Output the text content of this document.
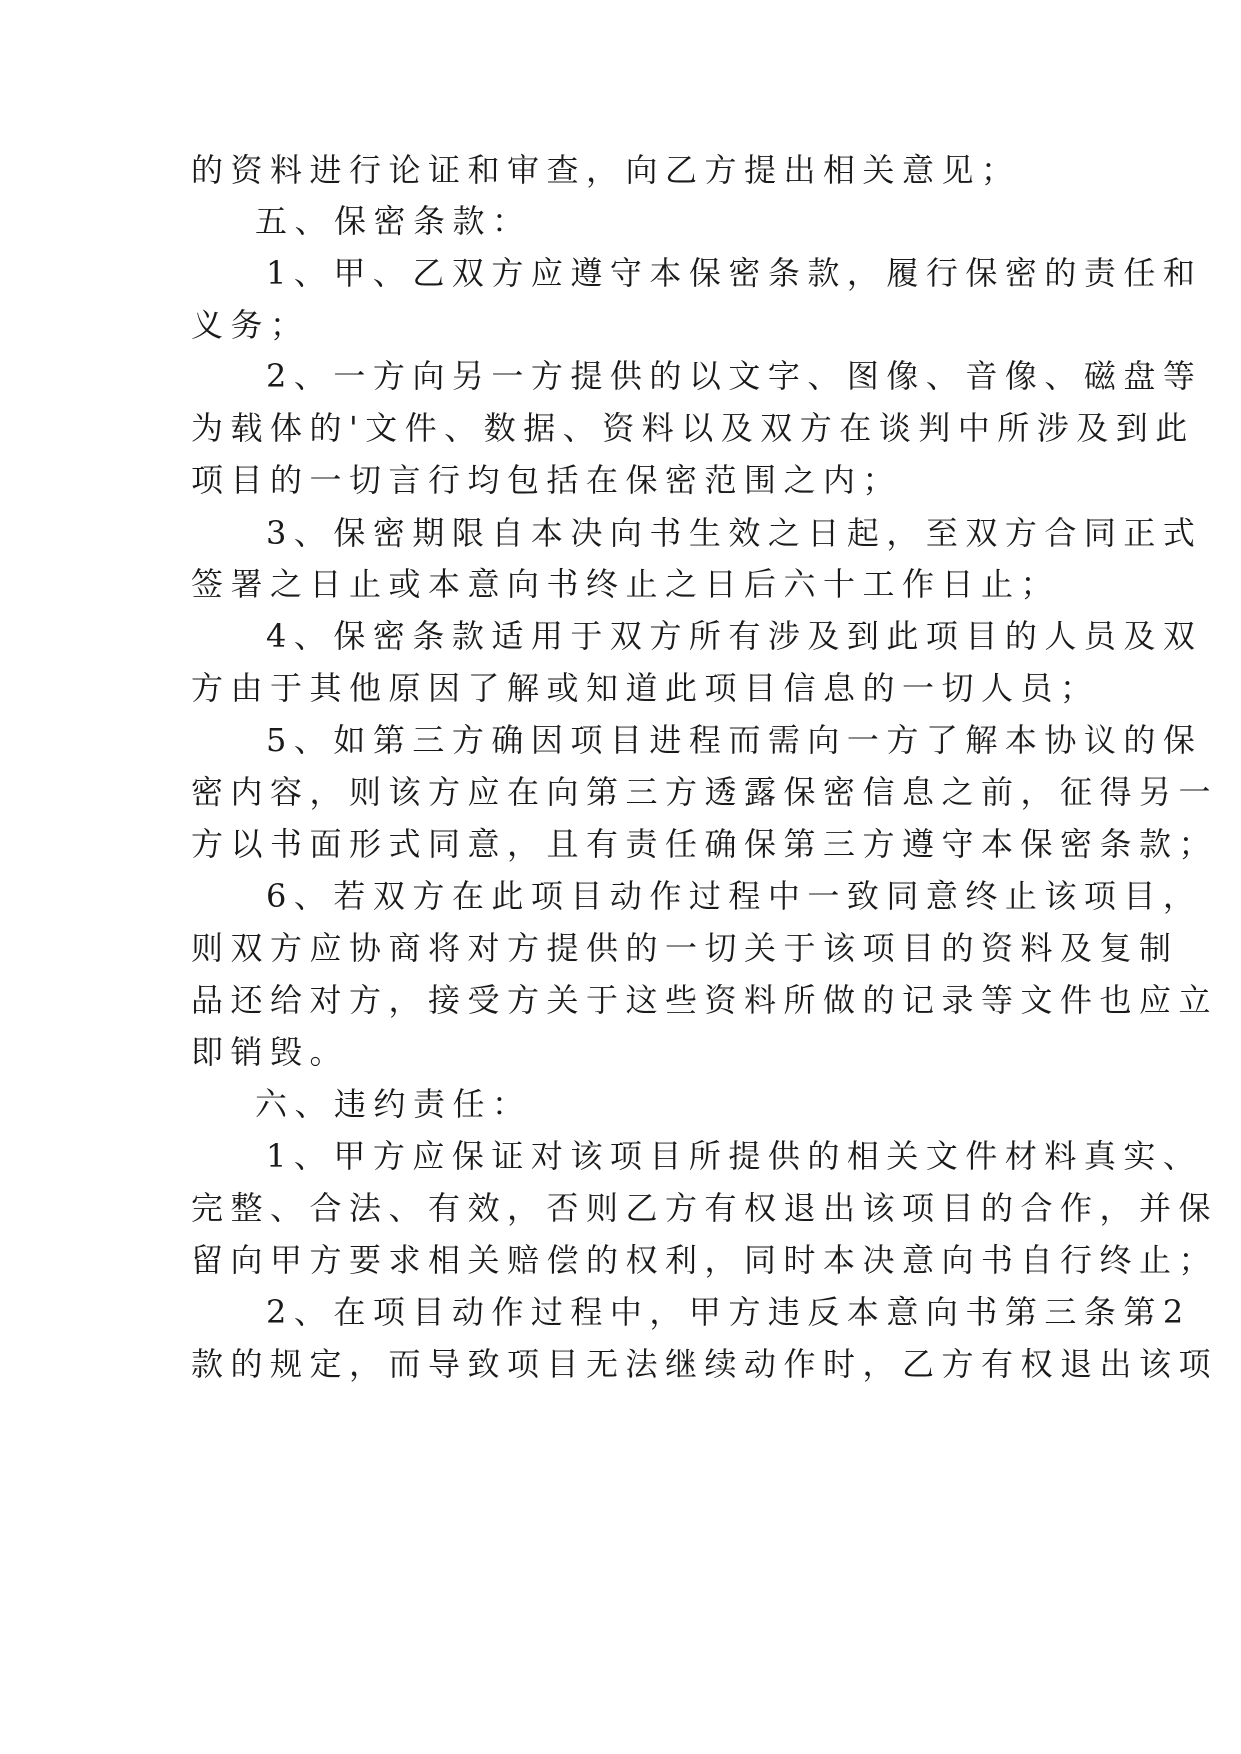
的资料进行论证和审查，向乙方提出相关意见；

五、保密条款：

1、甲、乙双方应遵守本保密条款，履行保密的责任和

义务；

2、一方向另一方提供的以文字、图像、音像、磁盘等

为载体的'文件、数据、资料以及双方在谈判中所涉及到此

项目的一切言行均包括在保密范围之内；

3、保密期限自本决向书生效之日起，至双方合同正式

签署之日止或本意向书终止之日后六十工作日止；

4、保密条款适用于双方所有涉及到此项目的人员及双

方由于其他原因了解或知道此项目信息的一切人员；

5、如第三方确因项目进程而需向一方了解本协议的保

密内容，则该方应在向第三方透露保密信息之前，征得另一

方以书面形式同意，且有责任确保第三方遵守本保密条款；

6、若双方在此项目动作过程中一致同意终止该项目，

则双方应协商将对方提供的一切关于该项目的资料及复制

品还给对方，接受方关于这些资料所做的记录等文件也应立

即销毁。

六、违约责任：

1、甲方应保证对该项目所提供的相关文件材料真实、

完整、合法、有效，否则乙方有权退出该项目的合作，并保

留向甲方要求相关赔偿的权利，同时本决意向书自行终止；

2、在项目动作过程中，甲方违反本意向书第三条第2

款的规定，而导致项目无法继续动作时，乙方有权退出该项
